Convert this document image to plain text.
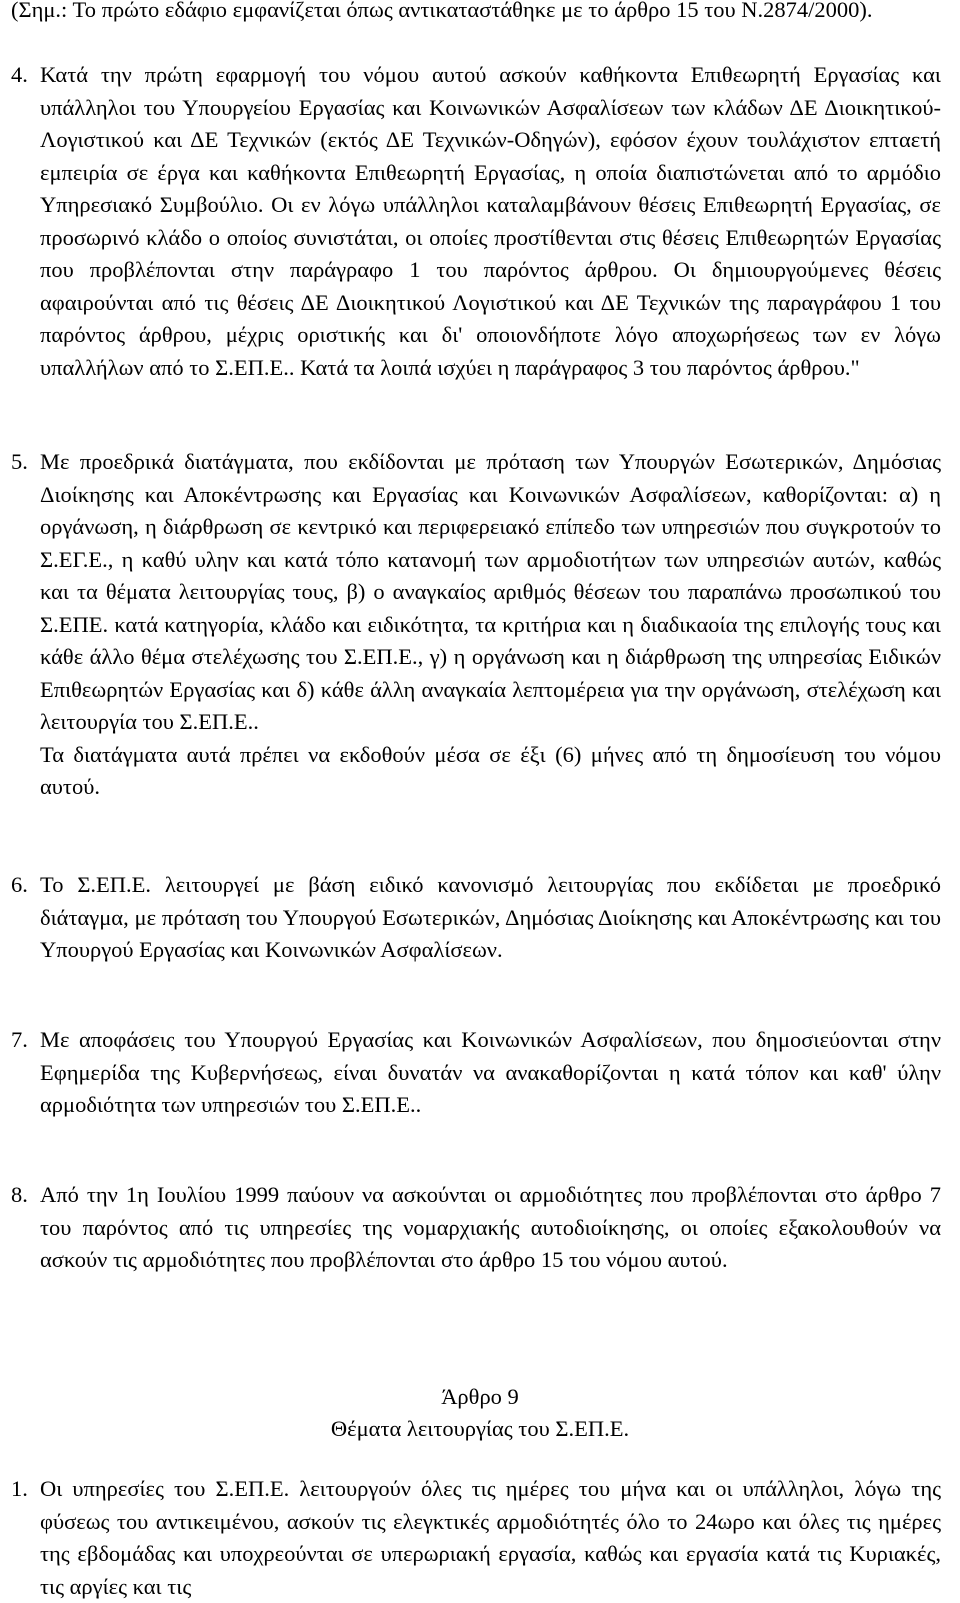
(Σημ.: Το πρώτο εδάφιο εμφανίζεται όπως αντικαταστάθηκε με το άρθρο 15 του Ν.2874/2000).
4. Κατά την πρώτη εφαρμογή του νόμου αυτού ασκούν καθήκοντα Επιθεωρητή Εργασίας και υπάλληλοι του Υπουργείου Εργασίας και Κοινωνικών Ασφαλίσεων των κλάδων ΔΕ Διοικητικού-Λογιστικού και ΔΕ Τεχνικών (εκτός ΔΕ Τεχνικών-Οδηγών), εφόσον έχουν τουλάχιστον επταετή εμπειρία σε έργα και καθήκοντα Επιθεωρητή Εργασίας, η οποία διαπιστώνεται από το αρμόδιο Υπηρεσιακό Συμβούλιο. Οι εν λόγω υπάλληλοι καταλαμβάνουν θέσεις Επιθεωρητή Εργασίας, σε προσωρινό κλάδο ο οποίος συνιστάται, οι οποίες προστίθενται στις θέσεις Επιθεωρητών Εργασίας που προβλέπονται στην παράγραφο 1 του παρόντος άρθρου. Οι δημιουργούμενες θέσεις αφαιρούνται από τις θέσεις ΔΕ Διοικητικού Λογιστικού και ΔΕ Τεχνικών της παραγράφου 1 του παρόντος άρθρου, μέχρις οριστικής και δι' οποιονδήποτε λόγο αποχωρήσεως των εν λόγω υπαλλήλων από το Σ.ΕΠ.Ε.. Κατά τα λοιπά ισχύει η παράγραφος 3 του παρόντος άρθρου."

5. Με προεδρικά διατάγματα, που εκδίδονται με πρόταση των Υπουργών Εσωτερικών, Δημόσιας Διοίκησης και Αποκέντρωσης και Εργασίας και Κοινωνικών Ασφαλίσεων, καθορίζονται: α) η οργάνωση, η διάρθρωση σε κεντρικό και περιφερειακό επίπεδο των υπηρεσιών που συγκροτούν το Σ.ΕΓ.Ε., η καθύ υλην και κατά τόπο κατανομή των αρμοδιοτήτων των υπηρεσιών αυτών, καθώς και τα θέματα λειτουργίας τους, β) ο αναγκαίος αριθμός θέσεων του παραπάνω προσωπικού του Σ.ΕΠΕ. κατά κατηγορία, κλάδο και ειδικότητα, τα κριτήρια και η διαδικαοία της επιλογής τους και κάθε άλλο θέμα στελέχωσης του Σ.ΕΠ.Ε., γ) η οργάνωση και η διάρθρωση της υπηρεσίας Ειδικών Επιθεωρητών Εργασίας και δ) κάθε άλλη αναγκαία λεπτομέρεια για την οργάνωση, στελέχωση και λειτουργία του Σ.ΕΠ.Ε..

Τα διατάγματα αυτά πρέπει να εκδοθούν μέσα σε έξι (6) μήνες από τη δημοσίευση του νόμου αυτού.

6. Το Σ.ΕΠ.Ε. λειτουργεί με βάση ειδικό κανονισμό λειτουργίας που εκδίδεται με προεδρικό διάταγμα, με πρόταση του Υπουργού Εσωτερικών, Δημόσιας Διοίκησης και Αποκέντρωσης και του Υπουργού Εργασίας και Κοινωνικών Ασφαλίσεων.

7. Με αποφάσεις του Υπουργού Εργασίας και Κοινωνικών Ασφαλίσεων, που δημοσιεύονται στην Εφημερίδα της Κυβερνήσεως, είναι δυνατάν να ανακαθορίζονται η κατά τόπον και καθ' ύλην αρμοδιότητα των υπηρεσιών του Σ.ΕΠ.Ε..

8. Από την 1η Ιουλίου 1999 παύουν να ασκούνται οι αρμοδιότητες που προβλέπονται στο άρθρο 7 του παρόντος από τις υπηρεσίες της νομαρχιακής αυτοδιοίκησης, οι οποίες εξακολουθούν να ασκούν τις αρμοδιότητες που προβλέπονται στο άρθρο 15 του νόμου αυτού.

Άρθρο 9
Θέματα λειτουργίας του Σ.ΕΠ.Ε.
1. Οι υπηρεσίες του Σ.ΕΠ.Ε. λειτουργούν όλες τις ημέρες του μήνα και οι υπάλληλοι, λόγω της φύσεως του αντικειμένου, ασκούν τις ελεγκτικές αρμοδιότητές όλο το 24ωρο και όλες τις ημέρες της εβδομάδας και υποχρεούνται σε υπερωριακή εργασία, καθώς και εργασία κατά τις Κυριακές, τις αργίες και τις
